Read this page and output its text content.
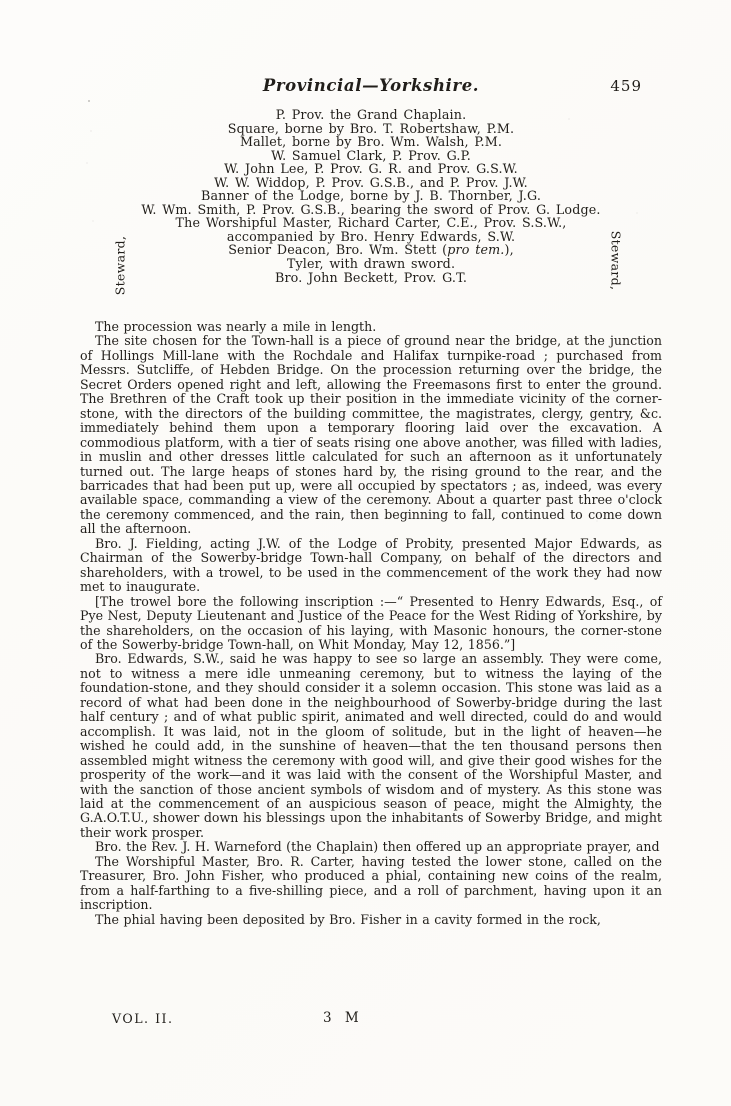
Provincial—Yorkshire.	459
P. Prov. the Grand Chaplain.
Square, borne by Bro. T. Robertshaw, P.M.
Mallet, borne by Bro. Wm. Walsh, P.M.
W. Samuel Clark, P. Prov. G.P.
W. John Lee, P. Prov. G. R. and Prov. G.S.W.
W. W. Widdop, P. Prov. G.S.B., and P. Prov. J.W.
Banner of the Lodge, borne by J. B. Thornber, J.G.
W. Wm. Smith, P. Prov. G.S.B., bearing the sword of Prov. G. Lodge.
The Worshipful Master, Richard Carter, C.E., Prov. S.S.W.,
accompanied by Bro. Henry Edwards, S.W.
Senior Deacon, Bro. Wm. Stett (pro tem.),
Tyler, with drawn sword.
Bro. John Beckett, Prov. G.T.
Steward,	Steward,

The procession was nearly a mile in length.

The site chosen for the Town-hall is a piece of ground near the bridge, at the junction of Hollings Mill-lane with the Rochdale and Halifax turnpike-road ; purchased from Messrs. Sutcliffe, of Hebden Bridge. On the procession returning over the bridge, the Secret Orders opened right and left, allowing the Freemasons first to enter the ground. The Brethren of the Craft took up their position in the immediate vicinity of the corner-stone, with the directors of the building committee, the magistrates, clergy, gentry, &c. immediately behind them upon a temporary flooring laid over the excavation. A commodious platform, with a tier of seats rising one above another, was filled with ladies, in muslin and other dresses little calculated for such an afternoon as it unfortunately turned out. The large heaps of stones hard by, the rising ground to the rear, and the barricades that had been put up, were all occupied by spectators ; as, indeed, was every available space, commanding a view of the ceremony. About a quarter past three o'clock the ceremony commenced, and the rain, then beginning to fall, continued to come down all the afternoon.

Bro. J. Fielding, acting J.W. of the Lodge of Probity, presented Major Edwards, as Chairman of the Sowerby-bridge Town-hall Company, on behalf of the directors and shareholders, with a trowel, to be used in the commencement of the work they had now met to inaugurate.

[The trowel bore the following inscription :—“ Presented to Henry Edwards, Esq., of Pye Nest, Deputy Lieutenant and Justice of the Peace for the West Riding of Yorkshire, by the shareholders, on the occasion of his laying, with Masonic honours, the corner-stone of the Sowerby-bridge Town-hall, on Whit Monday, May 12, 1856.”]

Bro. Edwards, S.W., said he was happy to see so large an assembly. They were come, not to witness a mere idle unmeaning ceremony, but to witness the laying of the foundation-stone, and they should consider it a solemn occasion. This stone was laid as a record of what had been done in the neighbourhood of Sowerby-bridge during the last half century ; and of what public spirit, animated and well directed, could do and would accomplish. It was laid, not in the gloom of solitude, but in the light of heaven—he wished he could add, in the sunshine of heaven—that the ten thousand persons then assembled might witness the ceremony with good will, and give their good wishes for the prosperity of the work—and it was laid with the consent of the Worshipful Master, and with the sanction of those ancient symbols of wisdom and of mystery. As this stone was laid at the commencement of an auspicious season of peace, might the Almighty, the G.A.O.T.U., shower down his blessings upon the inhabitants of Sowerby Bridge, and might their work prosper.

Bro. the Rev. J. H. Warneford (the Chaplain) then offered up an appropriate prayer, and

The Worshipful Master, Bro. R. Carter, having tested the lower stone, called on the Treasurer, Bro. John Fisher, who produced a phial, containing new coins of the realm, from a half-farthing to a five-shilling piece, and a roll of parchment, having upon it an inscription.

The phial having been deposited by Bro. Fisher in a cavity formed in the rock,

VOL. II.	3 M
